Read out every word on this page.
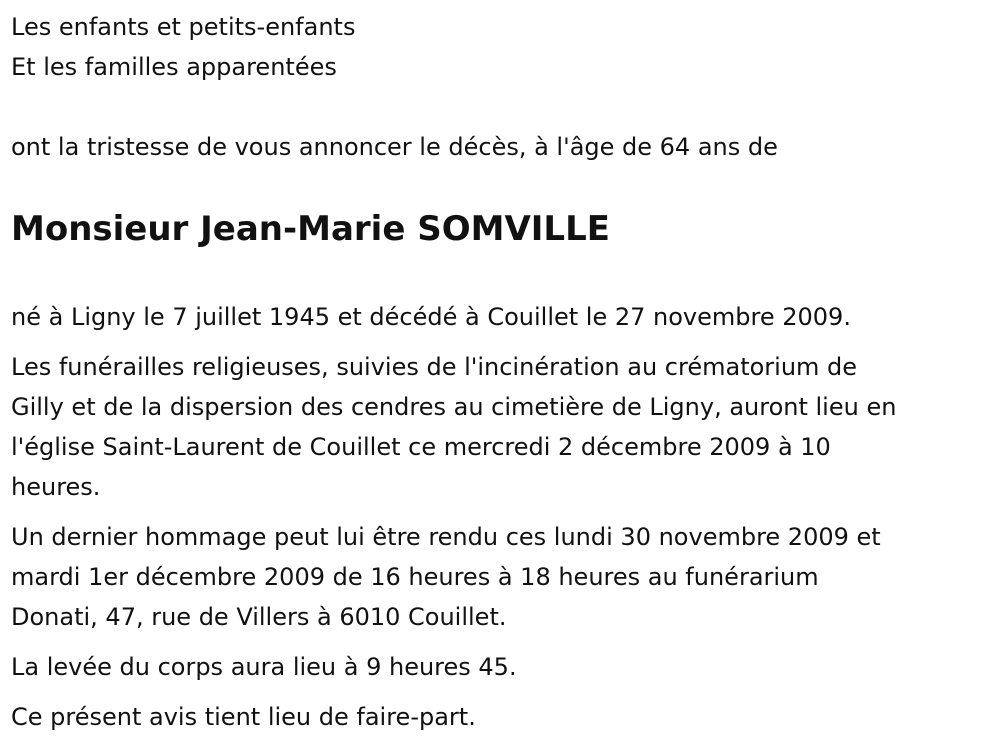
Les enfants et petits-enfants

Et les familles apparentées

ont la tristesse de vous annoncer le décès, à l'âge de 64 ans de

Monsieur Jean-Marie SOMVILLE

né à Ligny le 7 juillet 1945 et décédé à Couillet le 27 novembre 2009.

Les funérailles religieuses, suivies de l'incinération au crématorium de
Gilly et de la dispersion des cendres au cimetière de Ligny, auront lieu en
l'église Saint-Laurent de Couillet ce mercredi 2 décembre 2009 à 10
heures.
Un dernier hommage peut lui être rendu ces lundi 30 novembre 2009 et
mardi 1er décembre 2009 de 16 heures à 18 heures au funérarium
Donati, 47, rue de Villers à 6010 Couillet.

La levée du corps aura lieu à 9 heures 45.

Ce présent avis tient lieu de faire-part.
